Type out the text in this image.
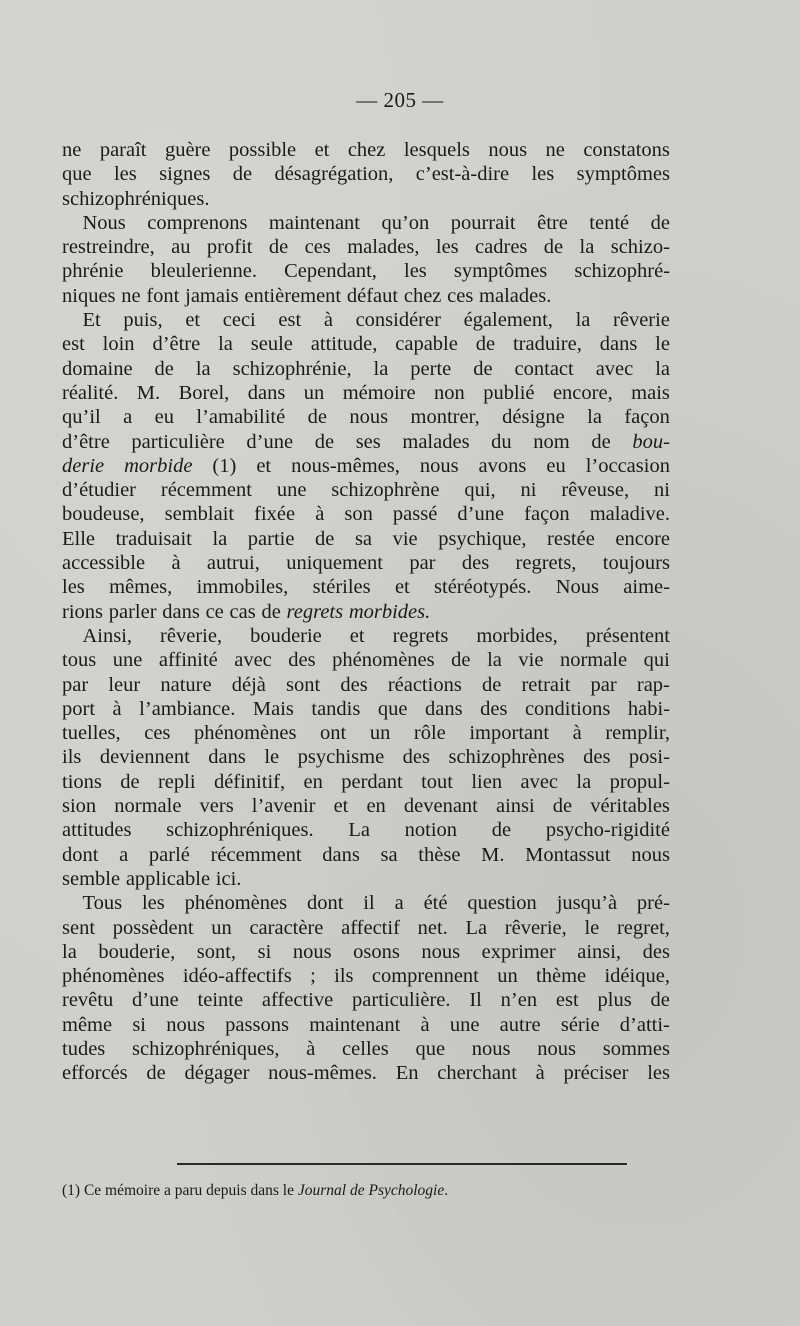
— 205 —
ne paraît guère possible et chez lesquels nous ne constatons
que les signes de désagrégation, c’est-à-dire les symptômes
schizophréniques.
Nous comprenons maintenant qu’on pourrait être tenté de
restreindre, au profit de ces malades, les cadres de la schizo-
phrénie bleulerienne. Cependant, les symptômes schizophré-
niques ne font jamais entièrement défaut chez ces malades.
Et puis, et ceci est à considérer également, la rêverie
est loin d’être la seule attitude, capable de traduire, dans le
domaine de la schizophrénie, la perte de contact avec la
réalité. M. Borel, dans un mémoire non publié encore, mais
qu’il a eu l’amabilité de nous montrer, désigne la façon
d’être particulière d’une de ses malades du nom de bou-
derie morbide (1) et nous-mêmes, nous avons eu l’occasion
d’étudier récemment une schizophrène qui, ni rêveuse, ni
boudeuse, semblait fixée à son passé d’une façon maladive.
Elle traduisait la partie de sa vie psychique, restée encore
accessible à autrui, uniquement par des regrets, toujours
les mêmes, immobiles, stériles et stéréotypés. Nous aime-
rions parler dans ce cas de regrets morbides.
Ainsi, rêverie, bouderie et regrets morbides, présentent
tous une affinité avec des phénomènes de la vie normale qui
par leur nature déjà sont des réactions de retrait par rap-
port à l’ambiance. Mais tandis que dans des conditions habi-
tuelles, ces phénomènes ont un rôle important à remplir,
ils deviennent dans le psychisme des schizophrènes des posi-
tions de repli définitif, en perdant tout lien avec la propul-
sion normale vers l’avenir et en devenant ainsi de véritables
attitudes schizophréniques. La notion de psycho-rigidité
dont a parlé récemment dans sa thèse M. Montassut nous
semble applicable ici.
Tous les phénomènes dont il a été question jusqu’à pré-
sent possèdent un caractère affectif net. La rêverie, le regret,
la bouderie, sont, si nous osons nous exprimer ainsi, des
phénomènes idéo-affectifs ; ils comprennent un thème idéique,
revêtu d’une teinte affective particulière. Il n’en est plus de
même si nous passons maintenant à une autre série d’atti-
tudes schizophréniques, à celles que nous nous sommes
efforcés de dégager nous-mêmes. En cherchant à préciser les
(1) Ce mémoire a paru depuis dans le Journal de Psychologie.
